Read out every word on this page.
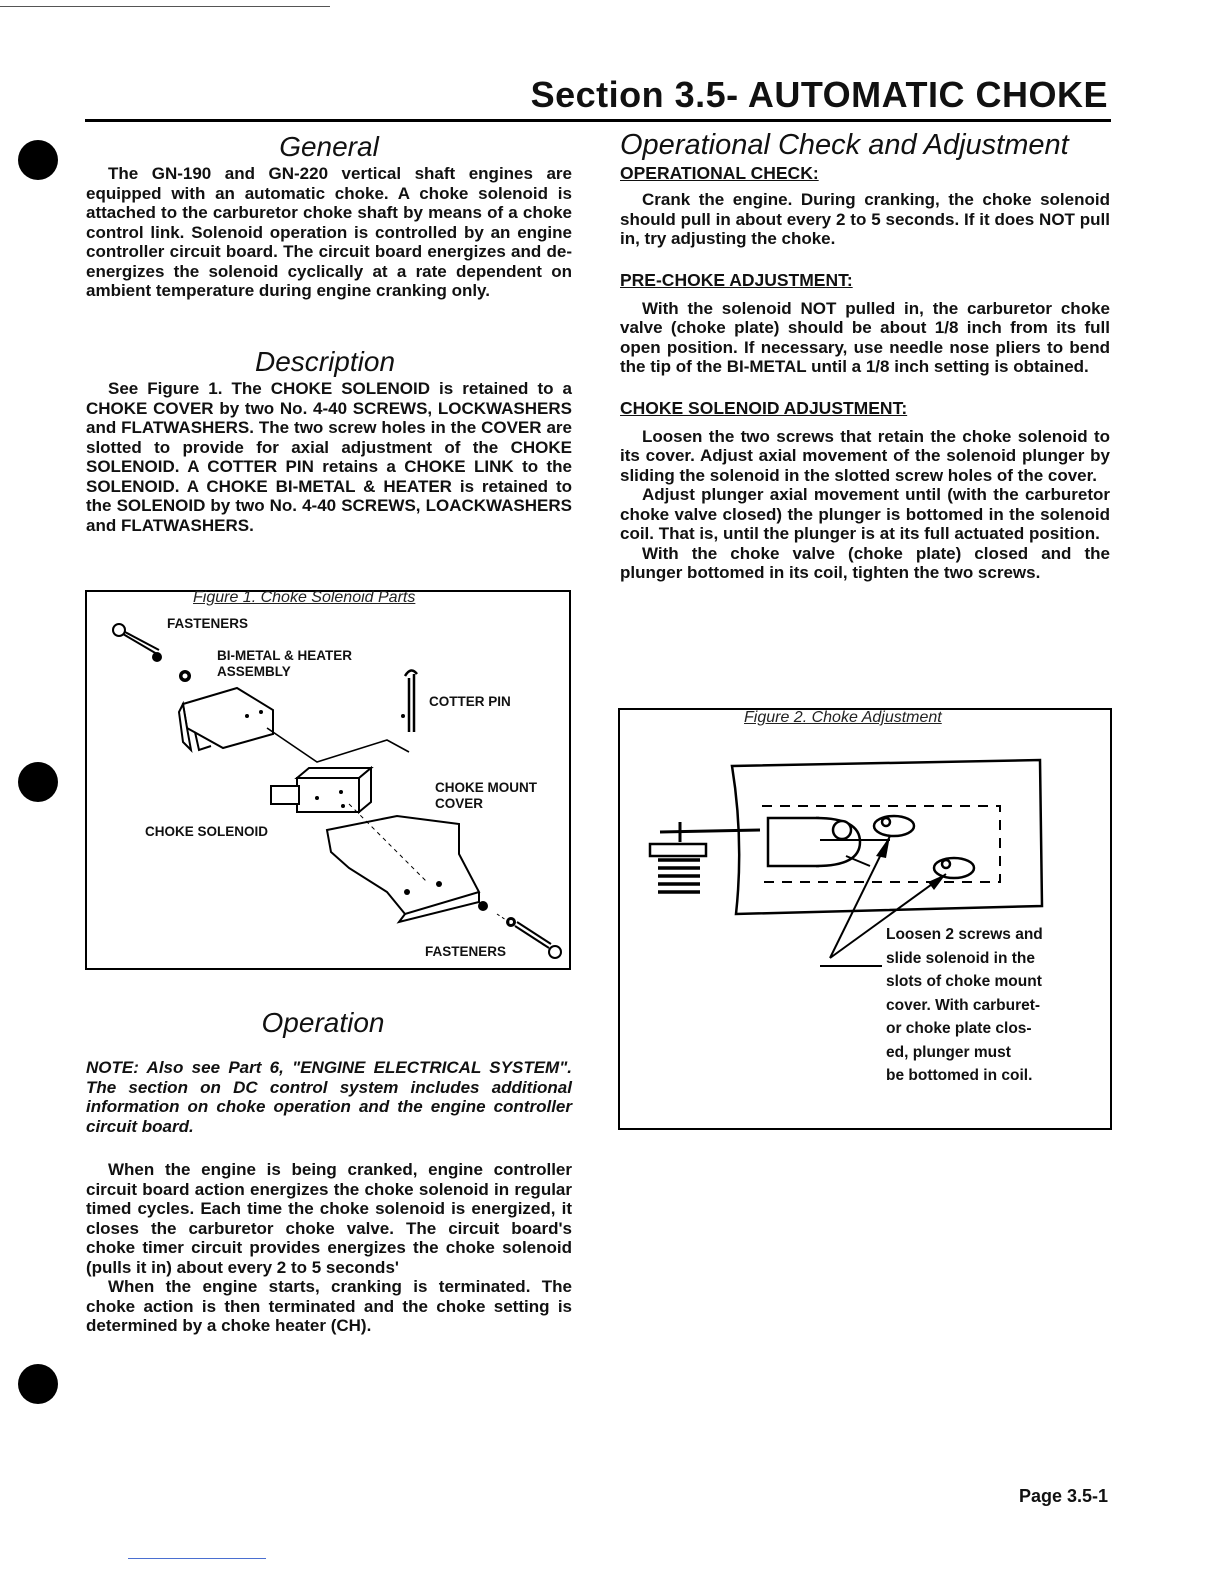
Section 3.5- AUTOMATIC CHOKE
General

The GN-190 and GN-220 vertical shaft engines are equipped with an automatic choke. A choke solenoid is attached to the carburetor choke shaft by means of a choke control link. Solenoid operation is controlled by an engine controller circuit board. The circuit board energizes and de-energizes the solenoid cyclically at a rate dependent on ambient temperature during engine cranking only.

Description

See Figure 1. The CHOKE SOLENOID is retained to a CHOKE COVER by two No. 4-40 SCREWS, LOCKWASHERS and FLATWASHERS. The two screw holes in the COVER are slotted to provide for axial adjustment of the CHOKE SOLENOID. A COTTER PIN retains a CHOKE LINK to the SOLENOID. A CHOKE BI-METAL & HEATER is retained to the SOLENOID by two No. 4-40 SCREWS, LOACKWASHERS and FLATWASHERS.

Figure 1. Choke Solenoid Parts
FASTENERS
BI-METAL & HEATER ASSEMBLY
COTTER PIN
CHOKE MOUNT COVER
CHOKE SOLENOID
FASTENERS
Operation

NOTE: Also see Part 6, "ENGINE ELECTRICAL SYSTEM". The section on DC control system includes additional information on choke operation and the engine controller circuit board.

When the engine is being cranked, engine controller circuit board action energizes the choke solenoid in regular timed cycles. Each time the choke solenoid is energized, it closes the carburetor choke valve. The circuit board's choke timer circuit provides energizes the choke solenoid (pulls it in) about every 2 to 5 seconds'

When the engine starts, cranking is terminated. The choke action is then terminated and the choke setting is determined by a choke heater (CH).

Operational Check and Adjustment
OPERATIONAL CHECK:

Crank the engine. During cranking, the choke solenoid should pull in about every 2 to 5 seconds. If it does NOT pull in, try adjusting the choke.

PRE-CHOKE ADJUSTMENT:

With the solenoid NOT pulled in, the carburetor choke valve (choke plate) should be about 1/8 inch from its full open position. If necessary, use needle nose pliers to bend the tip of the BI-METAL until a 1/8 inch setting is obtained.

CHOKE SOLENOID ADJUSTMENT:

Loosen the two screws that retain the choke solenoid to its cover. Adjust axial movement of the solenoid plunger by sliding the solenoid in the slotted screw holes of the cover.

Adjust plunger axial movement until (with the carburetor choke valve closed) the plunger is bottomed in the solenoid coil. That is, until the plunger is at its full actuated position.

With the choke valve (choke plate) closed and the plunger bottomed in its coil, tighten the two screws.

Figure 2. Choke Adjustment
Loosen 2 screws and
slide solenoid in the
slots of choke mount
cover. With carburet-
or choke plate clos-
ed, plunger must
be bottomed in coil.
Page 3.5-1
